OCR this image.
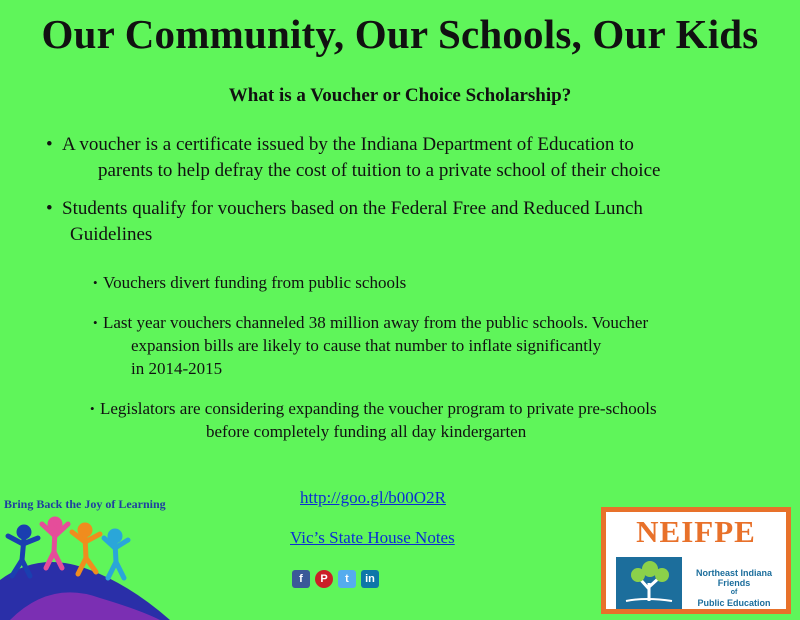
Our Community, Our Schools, Our Kids
What is a Voucher or Choice Scholarship?
• A voucher is a certificate issued by the Indiana Department of Education to
parents to help defray the cost of tuition to a private school of their choice
• Students qualify for vouchers based on the Federal Free and Reduced Lunch
Guidelines
• Vouchers divert funding from public schools
• Last year vouchers channeled 38 million away from the public schools. Voucher
expansion bills are likely to cause that number to inflate significantly
in 2014-2015
• Legislators are considering expanding the voucher program to private pre-schools
before completely funding all day kindergarten
http://goo.gl/b00O2R
Vic’s State House Notes
f	P	t	in
Bring Back the Joy of Learning
NEIFPE
Northeast Indiana
Friends
of
Public Education
